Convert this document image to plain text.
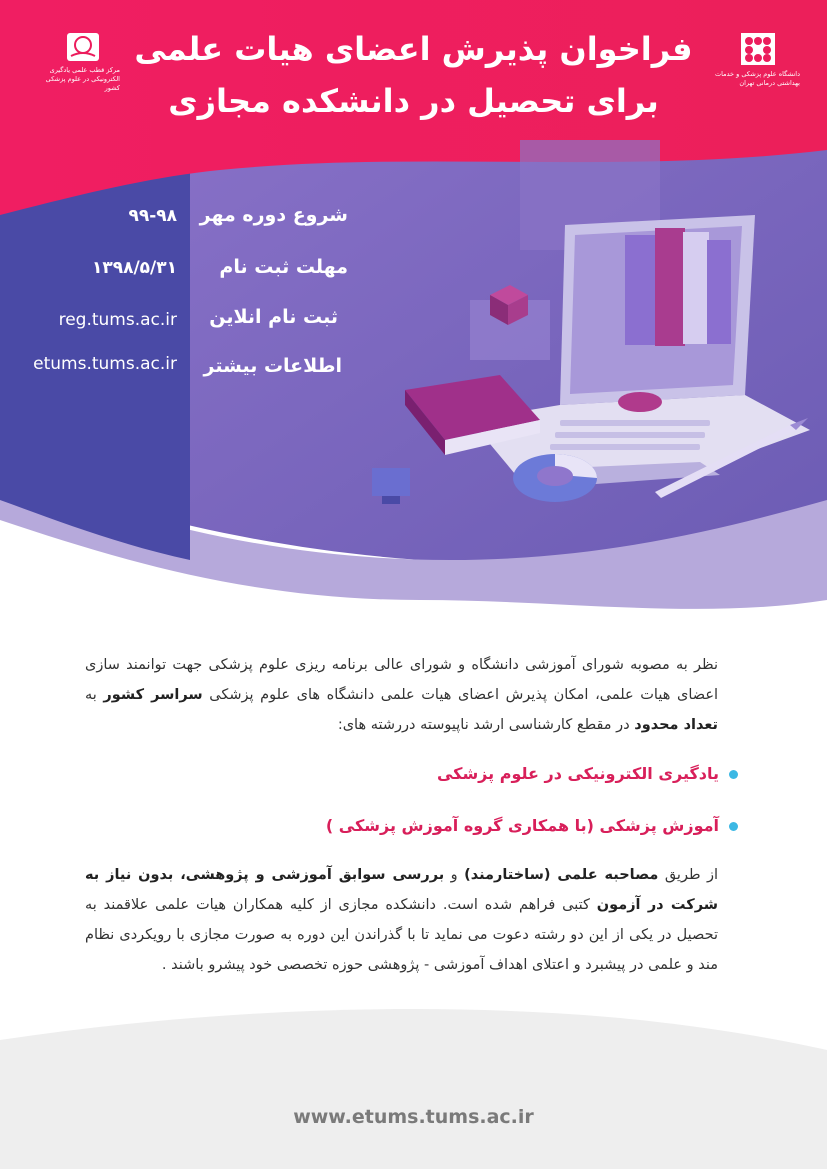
مرکز قطب علمی یادگیری الکترونیکی در علوم پزشکی کشور
دانشگاه علوم پزشکی و خدمات بهداشتی درمانی تهران
فراخوان پذیرش اعضای هیات علمی
برای تحصیل در دانشکده مجازی
شروع دوره مهر
۹۹-۹۸
مهلت ثبت نام
۱۳۹۸/۵/۳۱
ثبت نام انلاین
reg.tums.ac.ir
اطلاعات بیشتر
etums.tums.ac.ir
نظر به مصوبه شورای آموزشی دانشگاه و شورای عالی برنامه ریزی علوم پزشکی جهت توانمند سازی اعضای هیات علمی، امکان پذیرش اعضای هیات علمی دانشگاه های علوم پزشکی سراسر کشور به تعداد محدود در مقطع کارشناسی ارشد ناپیوسته دررشته های:
یادگیری الکترونیکی در علوم پزشکی
آموزش پزشکی (با همکاری گروه آموزش پزشکی )
از طریق مصاحبه علمی (ساختارمند) و بررسی سوابق آموزشی و پژوهشی، بدون نیاز به شرکت در آزمون کتبی فراهم شده است. دانشکده مجازی از کلیه همکاران هیات علمی علاقمند به تحصیل در یکی از این دو رشته دعوت می نماید تا با گذراندن این دوره به صورت مجازی با رویکردی نظام مند و علمی در پیشبرد و اعتلای اهداف آموزشی - پژوهشی حوزه تخصصی خود پیشرو باشند .
www.etums.tums.ac.ir
